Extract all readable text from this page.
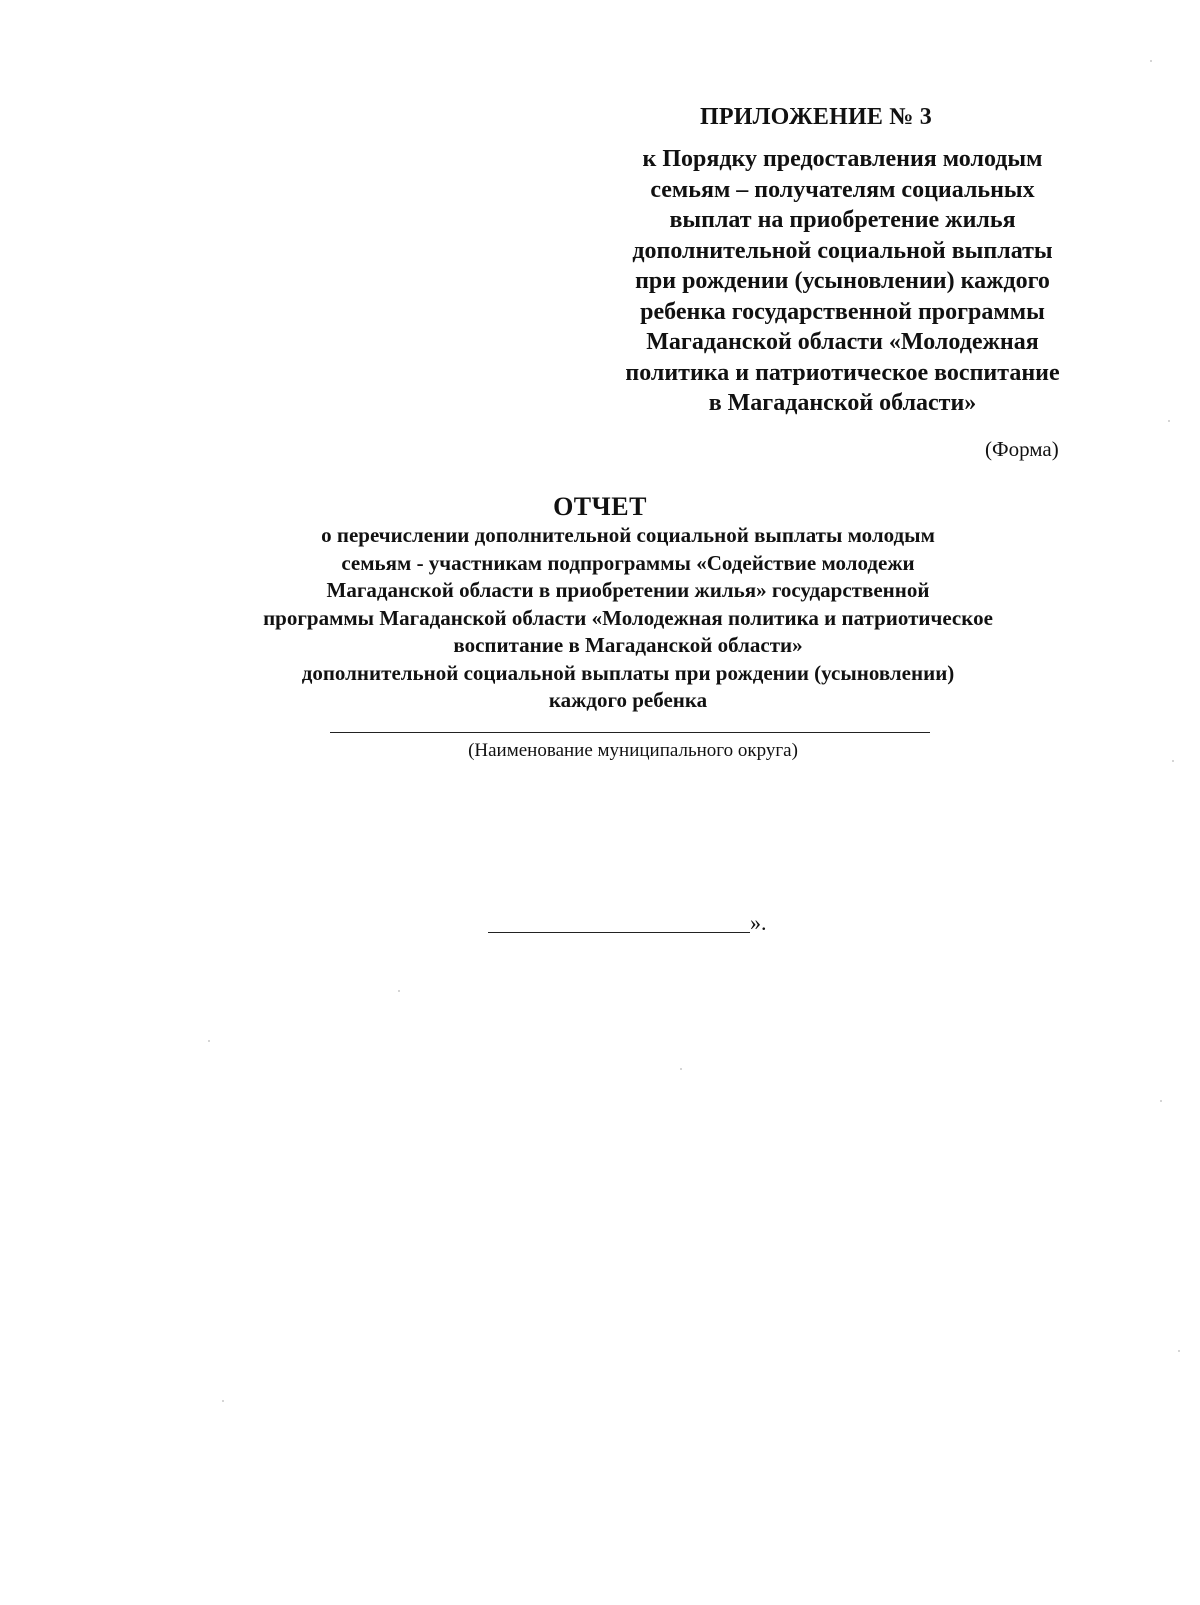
ПРИЛОЖЕНИЕ № 3
к Порядку предоставления молодым
семьям – получателям социальных
выплат на приобретение жилья
дополнительной социальной выплаты
при рождении (усыновлении) каждого
ребенка государственной программы
Магаданской области «Молодежная
политика и патриотическое воспитание
в Магаданской области»
(Форма)
ОТЧЕТ
о перечислении дополнительной социальной выплаты молодым
семьям - участникам подпрограммы «Содействие молодежи
Магаданской области в приобретении жилья» государственной
программы Магаданской области «Молодежная политика и патриотическое
воспитание в Магаданской области»
дополнительной социальной выплаты при рождении (усыновлении)
каждого ребенка
(Наименование муниципального округа)
».
